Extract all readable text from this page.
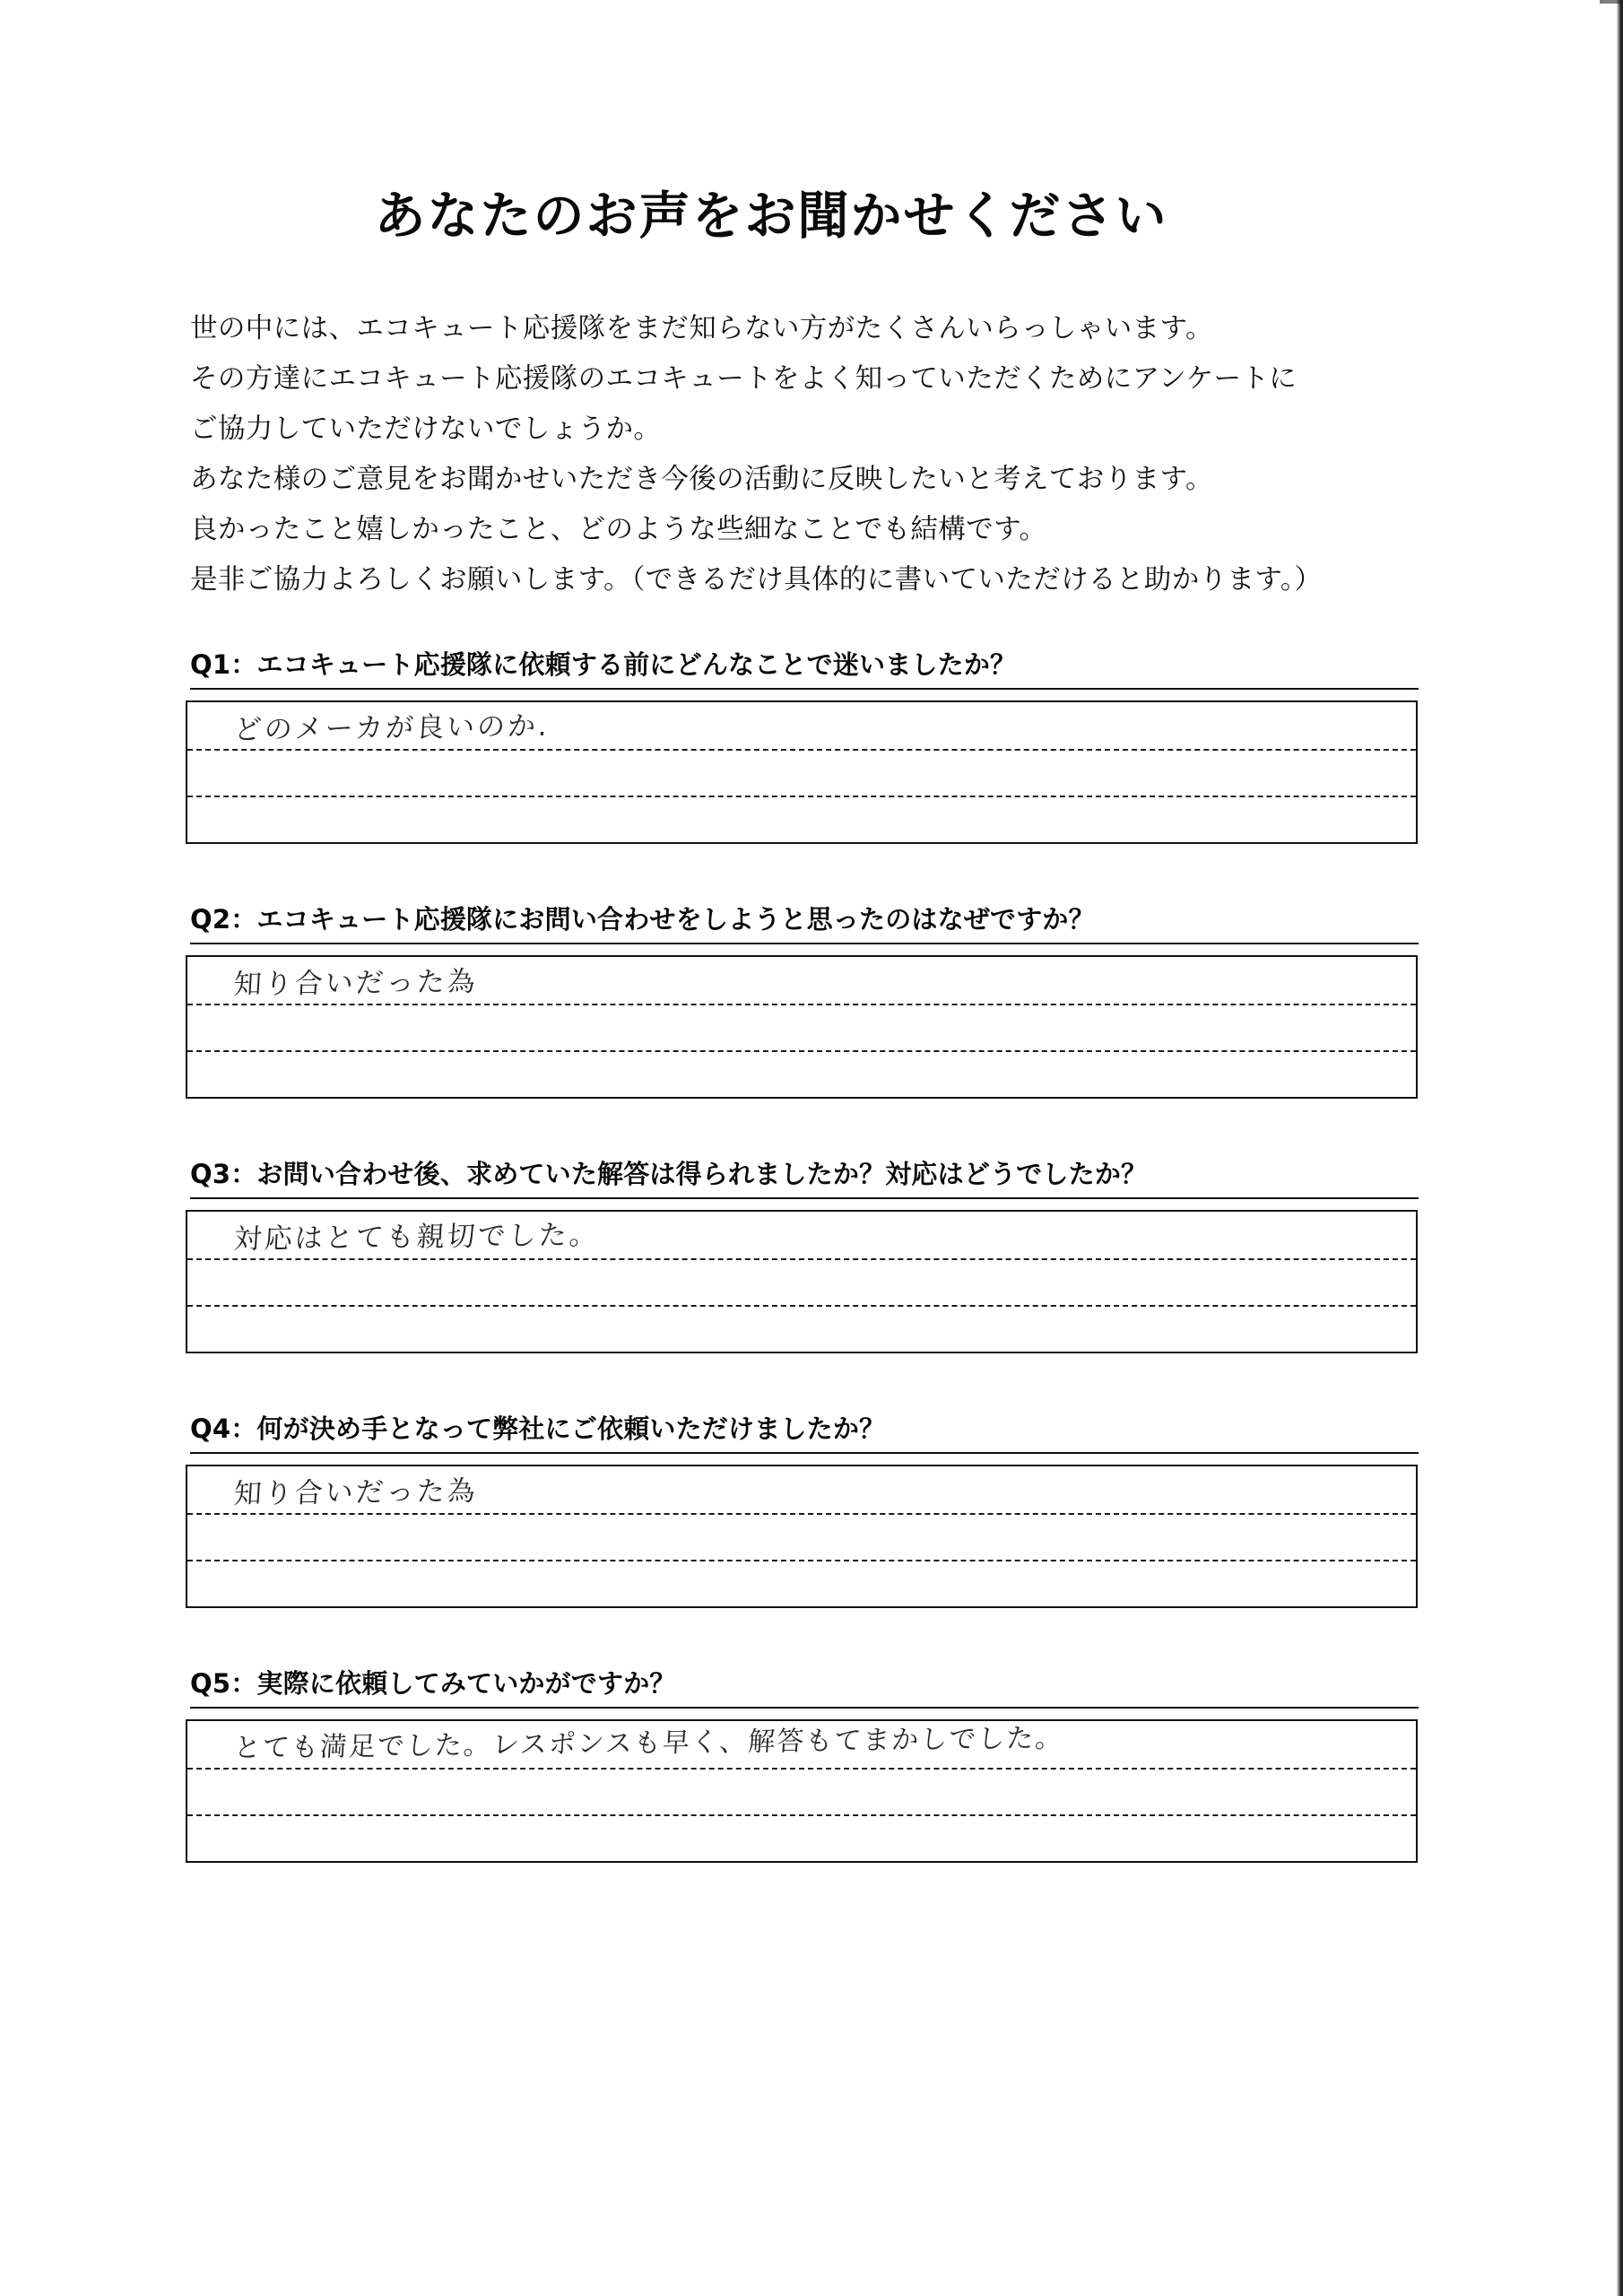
あなたのお声をお聞かせください
世の中には、エコキュート応援隊をまだ知らない方がたくさんいらっしゃいます。
その方達にエコキュート応援隊のエコキュートをよく知っていただくためにアンケートに
ご協力していただけないでしょうか。
あなた様のご意見をお聞かせいただき今後の活動に反映したいと考えております。
良かったこと嬉しかったこと、どのような些細なことでも結構です。
是非ご協力よろしくお願いします。（できるだけ具体的に書いていただけると助かります。）
Q1：エコキュート応援隊に依頼する前にどんなことで迷いましたか？
どのメーカが良いのか.
Q2：エコキュート応援隊にお問い合わせをしようと思ったのはなぜですか？
知り合いだった為
Q3：お問い合わせ後、求めていた解答は得られましたか？対応はどうでしたか？
対応はとても親切でした。
Q4：何が決め手となって弊社にご依頼いただけましたか？
知り合いだった為
Q5：実際に依頼してみていかがですか？
とても満足でした。レスポンスも早く、解答もてまかしでした。
